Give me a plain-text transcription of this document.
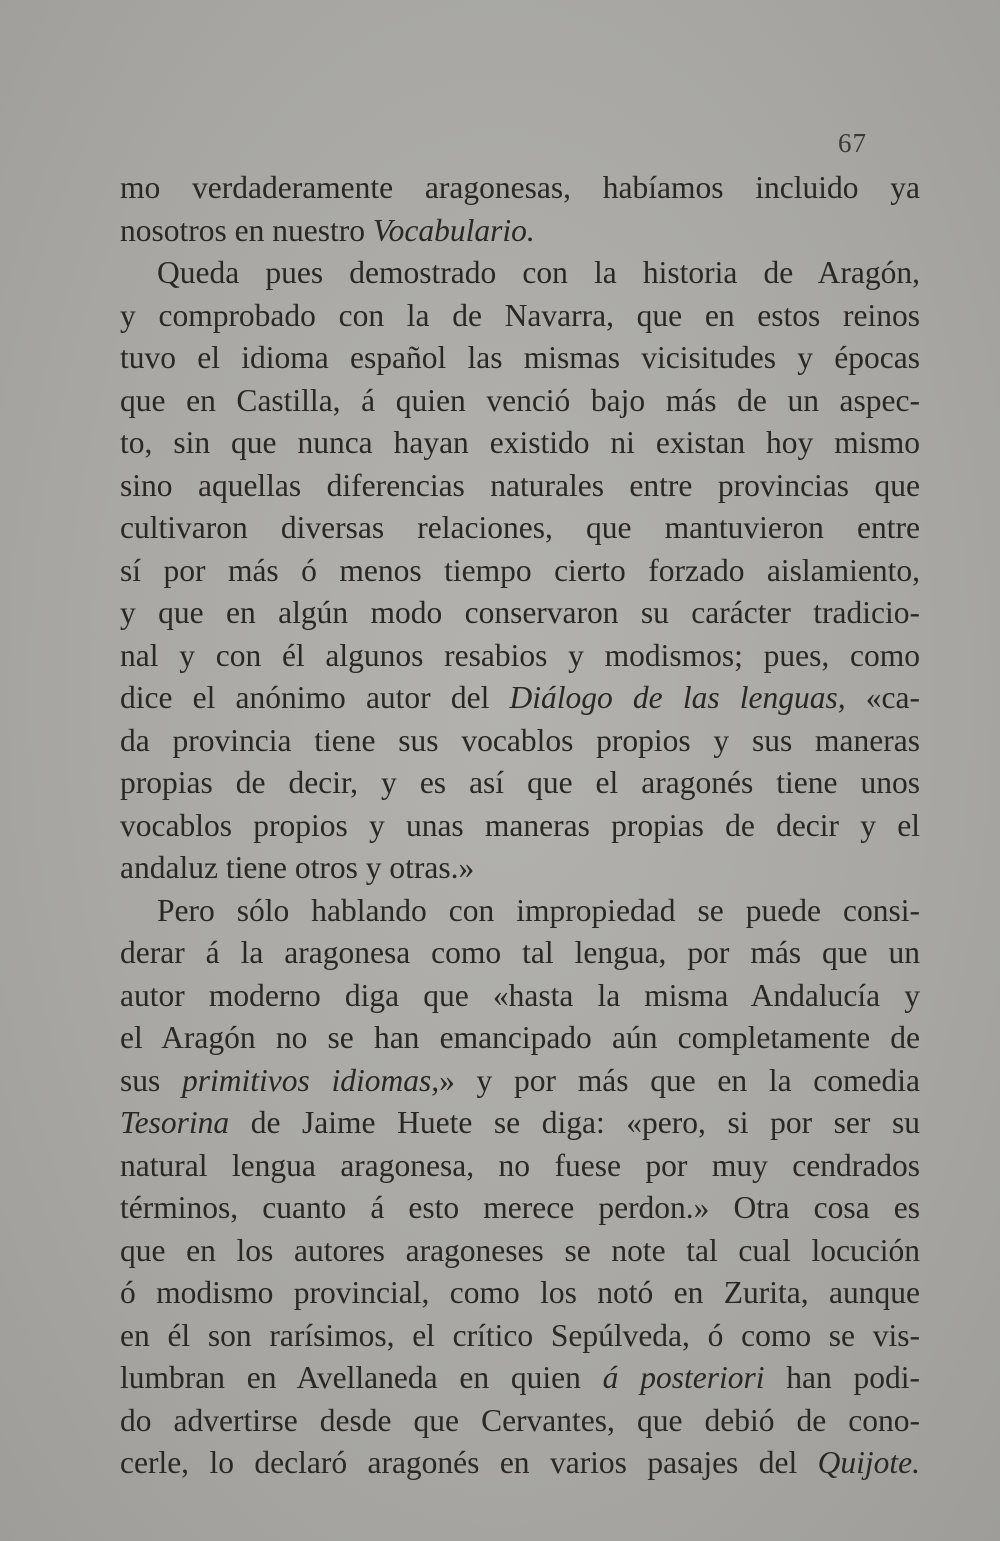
67
mo verdaderamente aragonesas, habíamos incluido ya
nosotros en nuestro Vocabulario.
Queda pues demostrado con la historia de Aragón,
y comprobado con la de Navarra, que en estos reinos
tuvo el idioma español las mismas vicisitudes y épocas
que en Castilla, á quien venció bajo más de un aspec-
to, sin que nunca hayan existido ni existan hoy mismo
sino aquellas diferencias naturales entre provincias que
cultivaron diversas relaciones, que mantuvieron entre
sí por más ó menos tiempo cierto forzado aislamiento,
y que en algún modo conservaron su carácter tradicio-
nal y con él algunos resabios y modismos; pues, como
dice el anónimo autor del Diálogo de las lenguas, «ca-
da provincia tiene sus vocablos propios y sus maneras
propias de decir, y es así que el aragonés tiene unos
vocablos propios y unas maneras propias de decir y el
andaluz tiene otros y otras.»
Pero sólo hablando con impropiedad se puede consi-
derar á la aragonesa como tal lengua, por más que un
autor moderno diga que «hasta la misma Andalucía y
el Aragón no se han emancipado aún completamente de
sus primitivos idiomas,» y por más que en la comedia
Tesorina de Jaime Huete se diga: «pero, si por ser su
natural lengua aragonesa, no fuese por muy cendrados
términos, cuanto á esto merece perdon.» Otra cosa es
que en los autores aragoneses se note tal cual locución
ó modismo provincial, como los notó en Zurita, aunque
en él son rarísimos, el crítico Sepúlveda, ó como se vis-
lumbran en Avellaneda en quien á posteriori han podi-
do advertirse desde que Cervantes, que debió de cono-
cerle, lo declaró aragonés en varios pasajes del Quijote.
